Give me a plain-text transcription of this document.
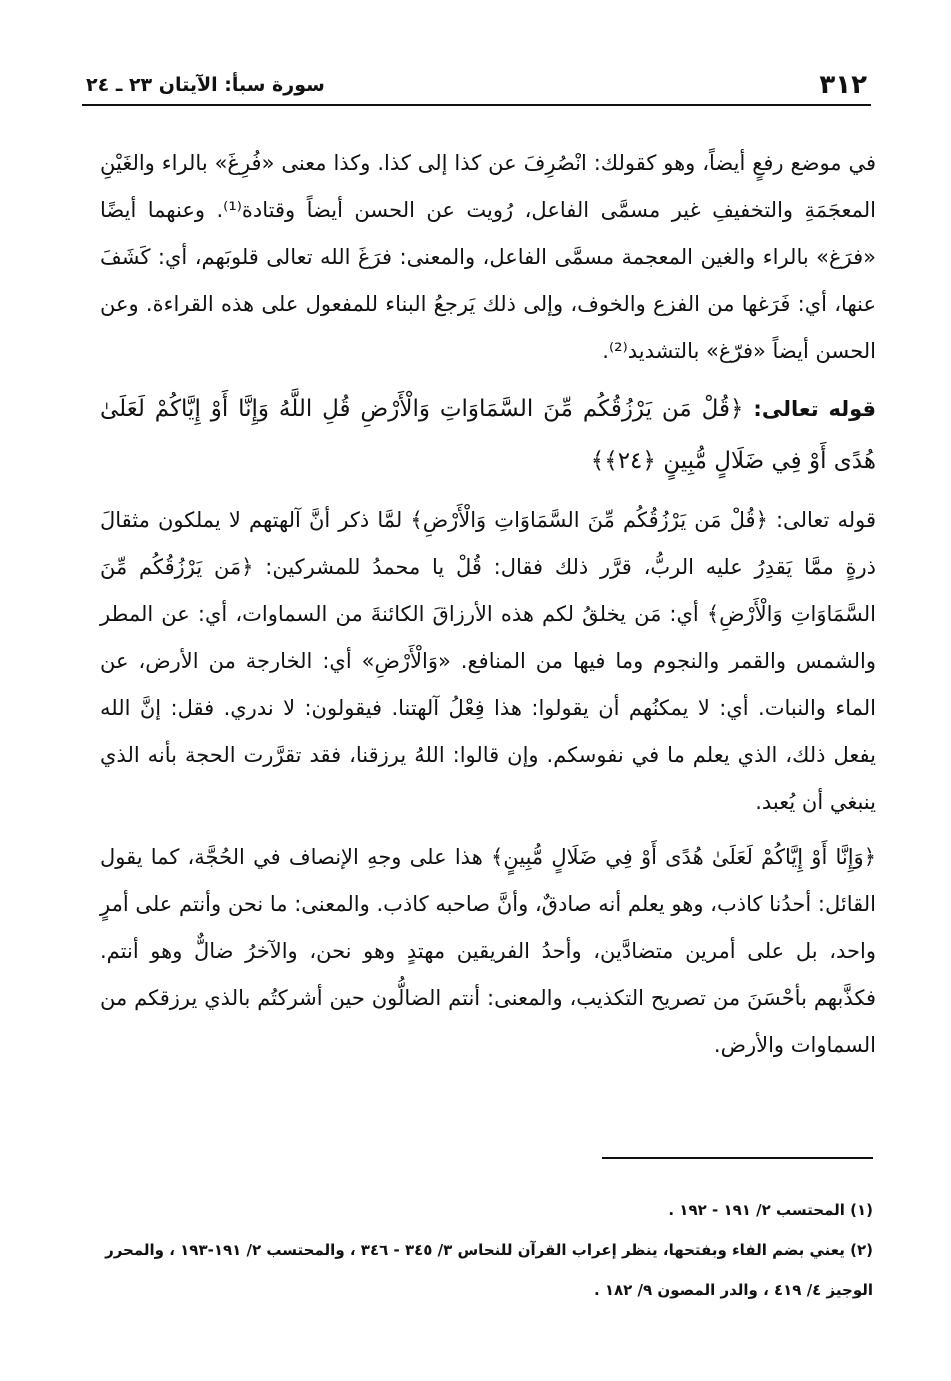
٣١٢
سورة سبأ: الآيتان ٢٣ ـ ٢٤

في موضع رفعٍ أيضاً، وهو كقولك: انْصُرِفَ عن كذا إلى كذا. وكذا معنى «فُرِغَ» بالراء والغَيْنِ المعجَمَةِ والتخفيفِ غير مسمَّى الفاعل، رُويت عن الحسن أيضاً وقتادة⁽¹⁾. وعنهما أيضًا «فرَغ» بالراء والغين المعجمة مسمَّى الفاعل، والمعنى: فرَغَ الله تعالى قلوبَهم، أي: كَشَفَ عنها، أي: فَرَغها من الفزع والخوف، وإلى ذلك يَرجعُ البناء للمفعول على هذه القراءة. وعن الحسن أيضاً «فرّغ» بالتشديد⁽²⁾.

قوله تعالى: ﴿قُلْ مَن يَرْزُقُكُم مِّنَ السَّمَاوَاتِ وَالْأَرْضِ قُلِ اللَّهُ وَإِنَّا أَوْ إِيَّاكُمْ لَعَلَىٰ هُدًى أَوْ فِي ضَلَالٍ مُّبِينٍ ﴿٢٤﴾﴾

قوله تعالى: ﴿قُلْ مَن يَرْزُقُكُم مِّنَ السَّمَاوَاتِ وَالْأَرْضِ﴾ لمَّا ذكر أنَّ آلهتهم لا يملكون مثقالَ ذرةٍ ممَّا يَقدِرُ عليه الربُّ، قرَّر ذلك فقال: قُلْ يا محمدُ للمشركين: ﴿مَن يَرْزُقُكُم مِّنَ السَّمَاوَاتِ وَالْأَرْضِ﴾ أي: مَن يخلقُ لكم هذه الأرزاقَ الكائنةَ من السماوات، أي: عن المطر والشمس والقمر والنجوم وما فيها من المنافع. «وَالْأَرْضِ» أي: الخارجة من الأرض، عن الماء والنبات. أي: لا يمكنُهم أن يقولوا: هذا فِعْلُ آلهتنا. فيقولون: لا ندري. فقل: إنَّ الله يفعل ذلك، الذي يعلم ما في نفوسكم. وإن قالوا: اللهُ يرزقنا، فقد تقرَّرت الحجة بأنه الذي ينبغي أن يُعبد.

﴿وَإِنَّا أَوْ إِيَّاكُمْ لَعَلَىٰ هُدًى أَوْ فِي ضَلَالٍ مُّبِينٍ﴾ هذا على وجهِ الإنصاف في الحُجَّة، كما يقول القائل: أحدُنا كاذب، وهو يعلم أنه صادقٌ، وأنَّ صاحبه كاذب. والمعنى: ما نحن وأنتم على أمرٍ واحد، بل على أمرين متضادَّين، وأحدُ الفريقين مهتدٍ وهو نحن، والآخرُ ضالٌّ وهو أنتم. فكذَّبهم بأحْسَنَ من تصريح التكذيب، والمعنى: أنتم الضالُّون حين أشركتُم بالذي يرزقكم من السماوات والأرض.

(١) المحتسب ٢/ ١٩١ - ١٩٢ .

(٢) يعني بضم الفاء وبفتحها، ينظر إعراب القرآن للنحاس ٣/ ٣٤٥ - ٣٤٦ ، والمحتسب ٢/ ١٩١-١٩٣ ، والمحرر الوجيز ٤/ ٤١٩ ، والدر المصون ٩/ ١٨٢ .
